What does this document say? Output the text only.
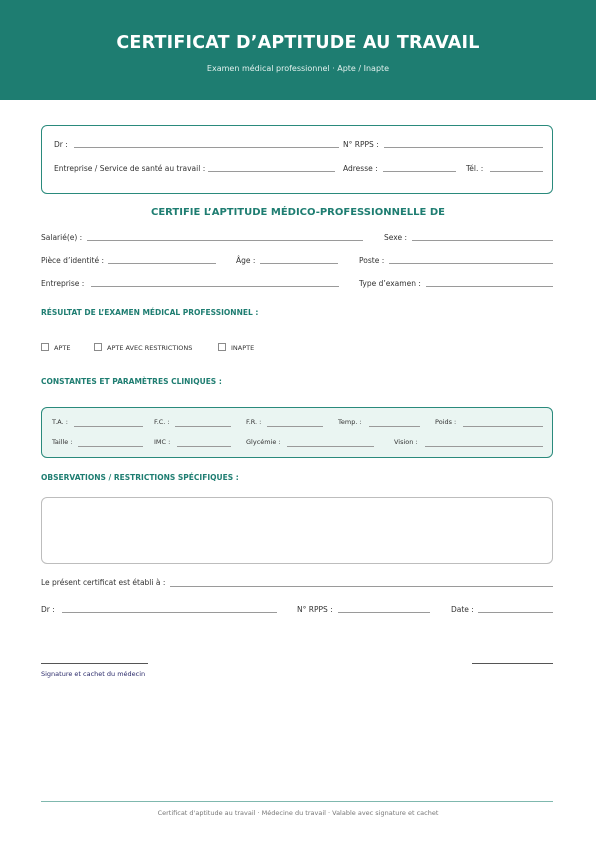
CERTIFICAT D’APTITUDE AU TRAVAIL
Examen médical professionnel · Apte / Inapte
Dr :	N° RPPS :
Entreprise / Service de santé au travail :	Adresse :	Tél. :
CERTIFIE L’APTITUDE MÉDICO-PROFESSIONNELLE DE
Salarié(e) :	Sexe :
Pièce d’identité :	Âge :	Poste :
Entreprise :	Type d’examen :
RÉSULTAT DE L’EXAMEN MÉDICAL PROFESSIONNEL :
APTE	APTE AVEC RESTRICTIONS	INAPTE
CONSTANTES ET PARAMÈTRES CLINIQUES :
T.A. :	F.C. :	F.R. :	Temp. :	Poids :
Taille :	IMC :	Glycémie :	Vision :
OBSERVATIONS / RESTRICTIONS SPÉCIFIQUES :
Le présent certificat est établi à :
Dr :	N° RPPS :	Date :
Signature et cachet du médecin
Certificat d'aptitude au travail · Médecine du travail · Valable avec signature et cachet
